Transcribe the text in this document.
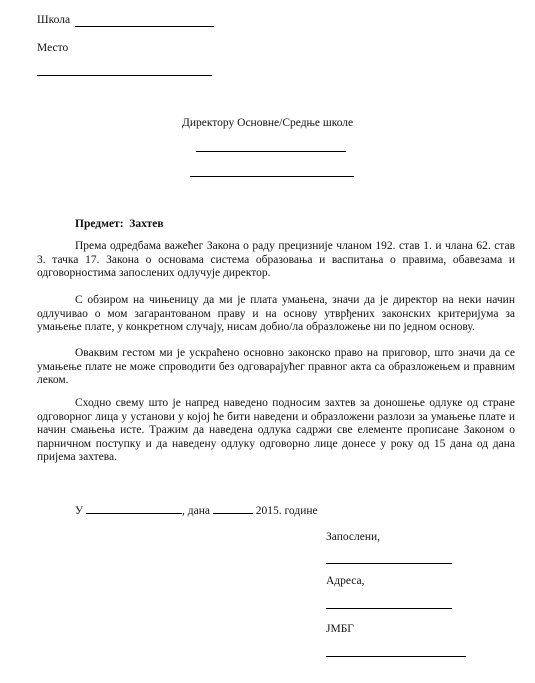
Школа
Место
Директору Основне/Средње школе
Предмет: Захтев
Према одредбама важећег Закона о раду прецизније чланом 192. став 1. и члана 62. став 3. тачка 17. Закона о основама система образовања и васпитања о правима, обавезама и одговорностима запослених одлучује директор.
С обзиром на чињеницу да ми је плата умањена, значи да је директор на неки начин одлучивао о мом загарантованом праву и на основу утврђених законских критеријума за умањење плате, у конкретном случају, нисам добио/ла образложење ни по једном основу.
Оваквим гестом ми је ускраћено основно законско право на приговор, што значи да се умањење плате не може спроводити без одговарајућег правног акта са образложењем и правним леком.
Сходно свему што је напред наведено подносим захтев за доношење одлуке од стране одговорног лица у установи у којој ће бити наведени и образложени разлози за умањење плате и начин смањења исте. Тражим да наведена одлука садржи све елементе прописане Законом о парничном поступку и да наведену одлуку одговорно лице донесе у року од 15 дана од дана пријема захтева.
У	, дана	2015. године
Запослени,
Адреса,
ЈМБГ
